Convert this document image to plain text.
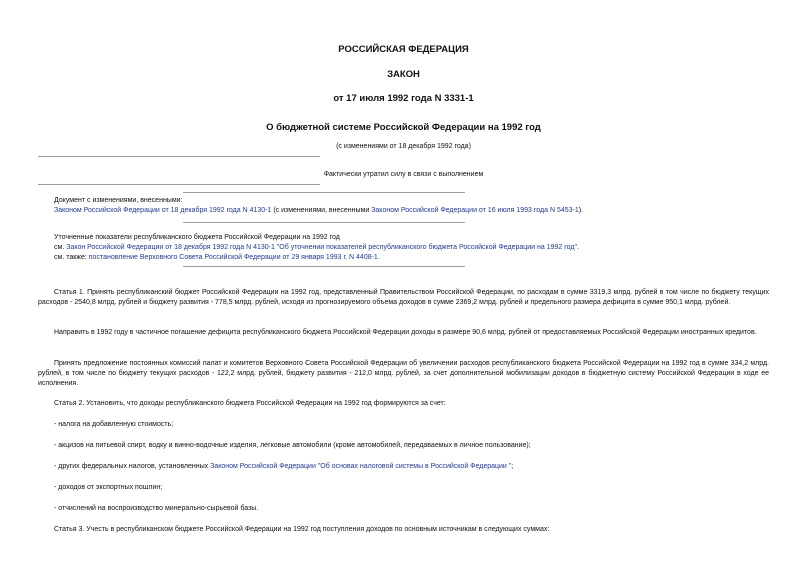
РОССИЙСКАЯ ФЕДЕРАЦИЯ
ЗАКОН
от 17 июля 1992 года N 3331-1
О бюджетной системе Российской Федерации на 1992 год
(с изменениями от 18 декабря 1992 года)
Фактически утратил силу в связи с выполнением

Документ с изменениями, внесенными:

Законом Российской Федерации от 18 декабря 1992 года N 4130-1 (с изменениями, внесенными Законом Российской Федерации от 16 июля 1993 года N 5453-1).

Уточненные показатели республиканского бюджета Российской Федерации на 1992 год

см. Закон Российской Федерации от 18 декабря 1992 года N 4130-1 "Об уточнении показателей республиканского бюджета Российской Федерации на 1992 год".

см. также: постановление Верховного Совета Российской Федерации от 29 января 1993 г. N 4408-1.

Статья 1. Принять республиканский бюджет Российской Федерации на 1992 год, представленный Правительством Российской Федерации, по расходам в сумме 3319,3 млрд. рублей в том числе по бюджету текущих расходов - 2540,8 млрд. рублей и бюджету развития - 778,5 млрд. рублей, исходя из прогнозируемого объема доходов в сумме 2369,2 млрд. рублей и предельного размера дефицита в сумме 950,1 млрд. рублей.
Направить в 1992 году в частичное погашение дефицита республиканского бюджета Российской Федерации доходы в размере 90,6 млрд. рублей от предоставляемых Российской Федерации иностранных кредитов.
Принять предложение постоянных комиссий палат и комитетов Верховного Совета Российской Федерации об увеличении расходов республиканского бюджета Российской Федерации на 1992 год в сумме 334,2 млрд. рублей, в том числе по бюджету текущих расходов - 122,2 млрд. рублей, бюджету развития - 212,0 млрд. рублей, за счет дополнительной мобилизации доходов в бюджетную систему Российской Федерации в ходе ее исполнения.
Статья 2. Установить, что доходы республиканского бюджета Российской Федерации на 1992 год формируются за счет:
- налога на добавленную стоимость;
- акцизов на питьевой спирт, водку и винно-водочные изделия, легковые автомобили (кроме автомобилей, передаваемых в личное пользование);
- других федеральных налогов, установленных Законом Российской Федерации "Об основах налоговой системы в Российской Федерации ";
- доходов от экспортных пошлин;
- отчислений на воспроизводство минерально-сырьевой базы.
Статья 3. Учесть в республиканском бюджете Российской Федерации на 1992 год поступления доходов по основным источникам в следующих суммах:
